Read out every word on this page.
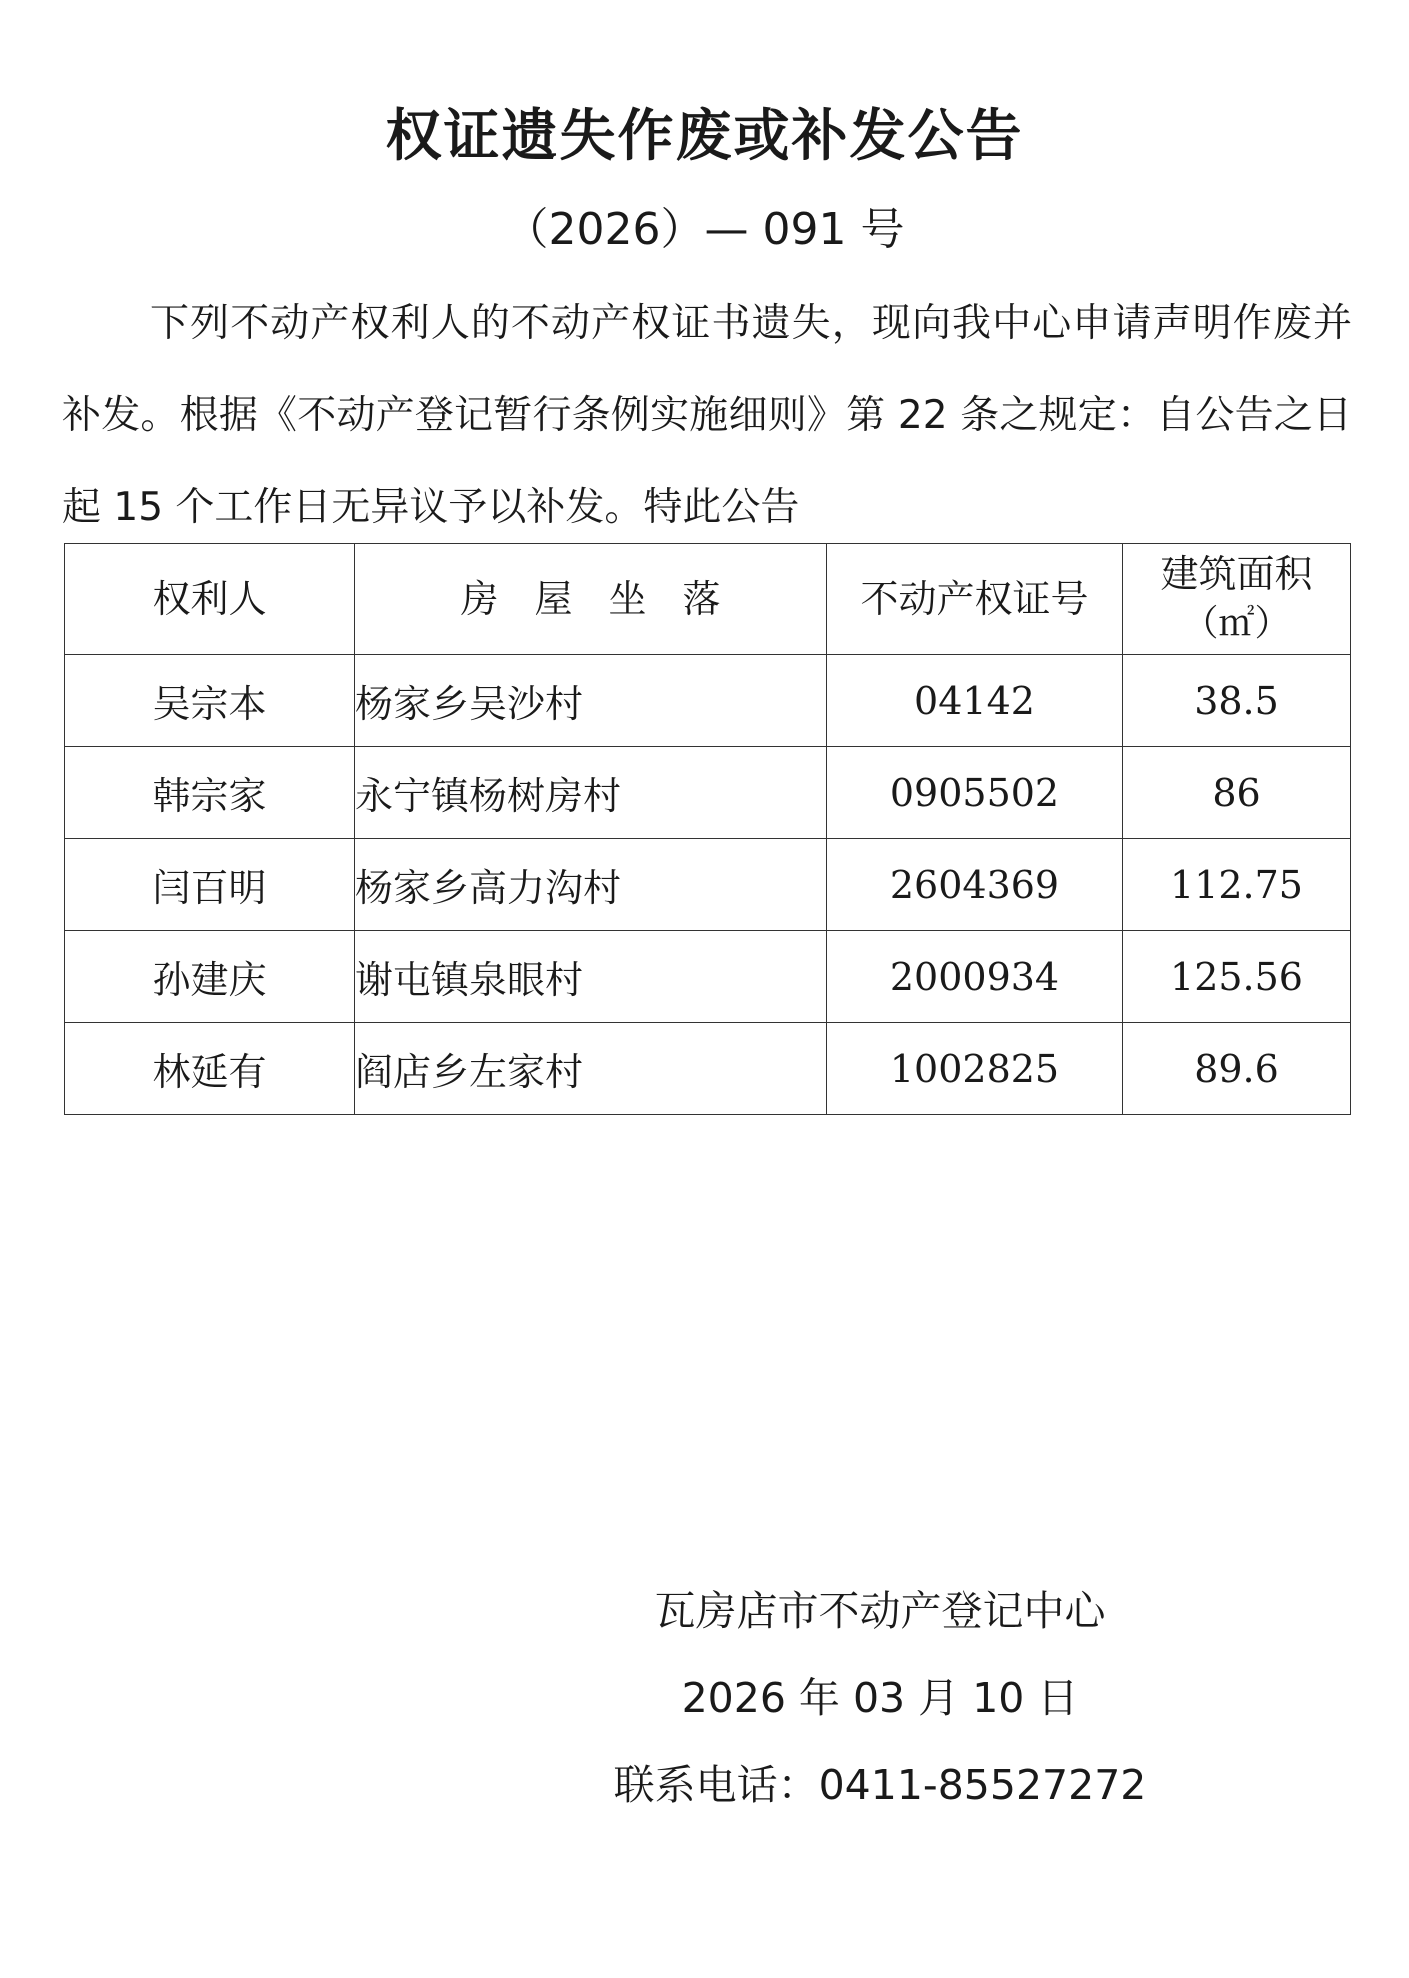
权证遗失作废或补发公告
（2026）— 091 号

下列不动产权利人的不动产权证书遗失，现向我中心申请声明作废并补发。根据《不动产登记暂行条例实施细则》第 22 条之规定：自公告之日起 15 个工作日无异议予以补发。特此公告

权利人	房屋坐落	不动产权证号	建筑面积
（㎡）

吴宗本	杨家乡吴沙村	04142	38.5
韩宗家	永宁镇杨树房村	0905502	86
闫百明	杨家乡高力沟村	2604369	112.75
孙建庆	谢屯镇泉眼村	2000934	125.56
林延有	阎店乡左家村	1002825	89.6
瓦房店市不动产登记中心
2026 年 03 月 10 日
联系电话：0411-85527272
